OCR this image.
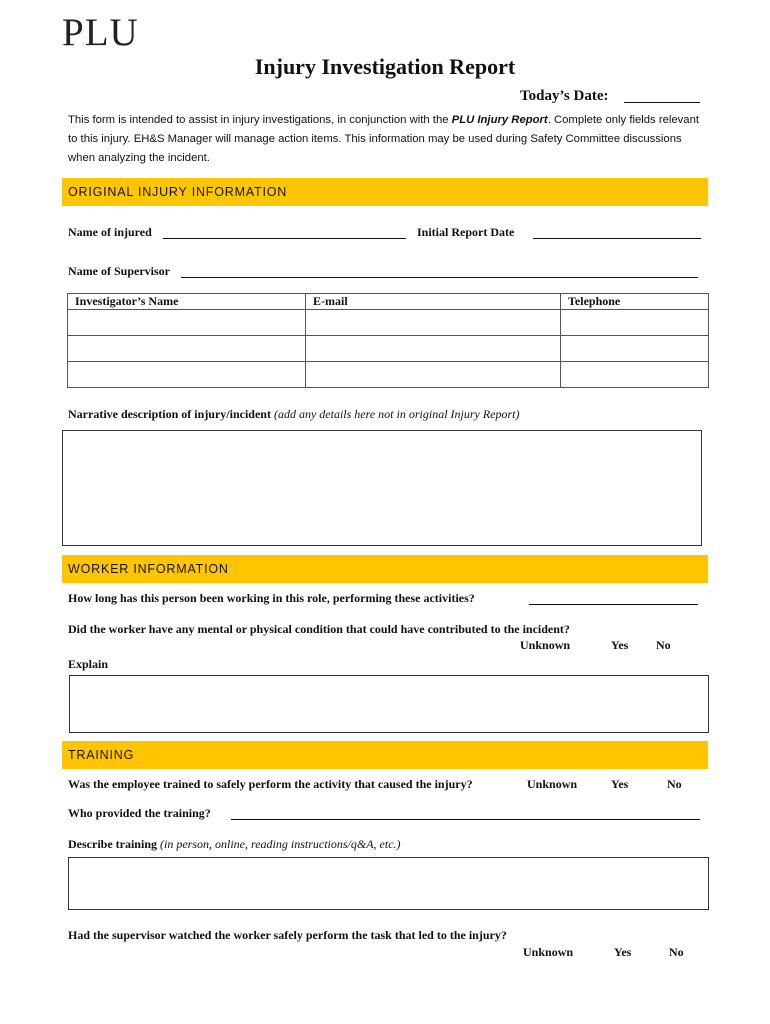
PLU
Injury Investigation Report
Today’s Date:
This form is intended to assist in injury investigations, in conjunction with the PLU Injury Report. Complete only fields relevant to this injury. EH&S Manager will manage action items. This information may be used during Safety Committee discussions when analyzing the incident.
ORIGINAL INJURY INFORMATION
Name of injured	Initial Report Date
Name of Supervisor
Investigator’s Name	E-mail	Telephone

Narrative description of injury/incident (add any details here not in original Injury Report)
WORKER INFORMATION
How long has this person been working in this role, performing these activities?
Did the worker have any mental or physical condition that could have contributed to the incident?
Unknown	Yes No
Explain
TRAINING
Was the employee trained to safely perform the activity that caused the injury?	Unknown	Yes	No
Who provided the training?
Describe training (in person, online, reading instructions/q&A, etc.)
Had the supervisor watched the worker safely perform the task that led to the injury?
Unknown	Yes	No
